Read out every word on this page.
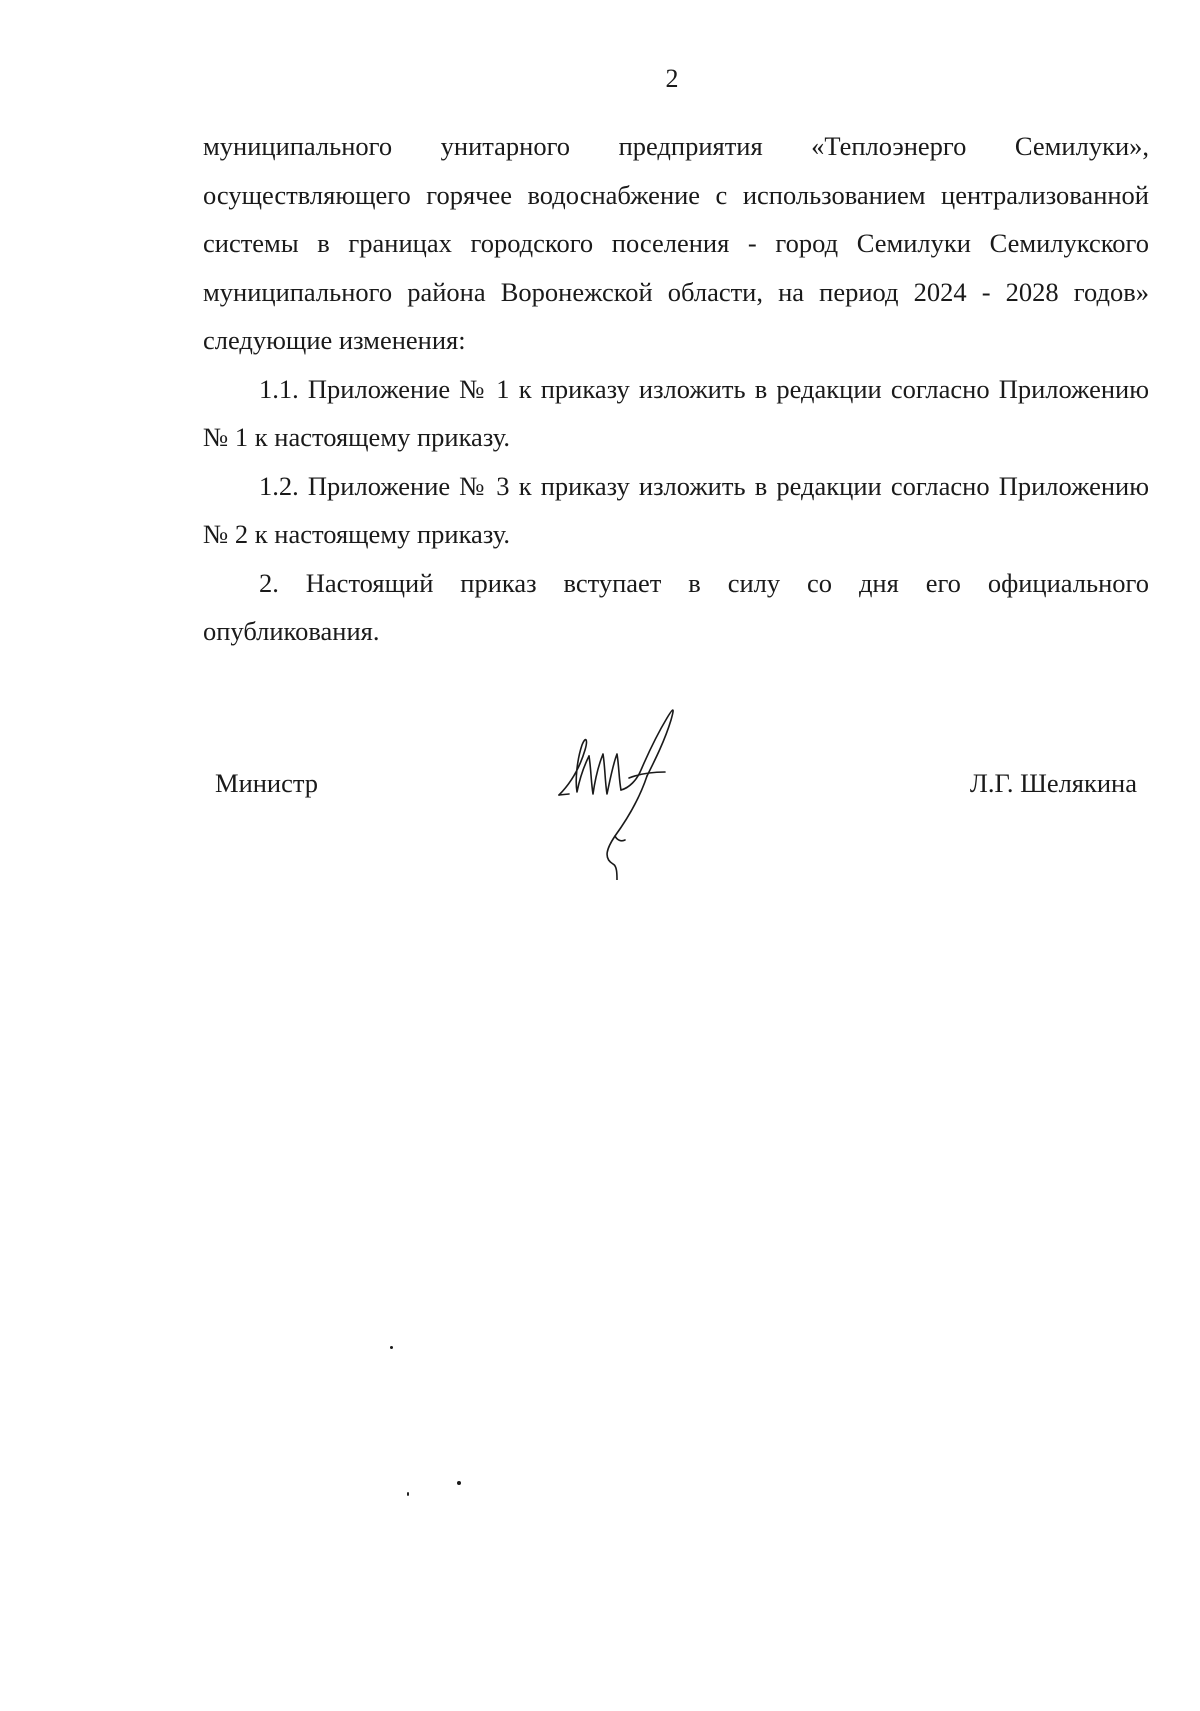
2

муниципального унитарного предприятия «Теплоэнерго Семилуки», осуществляющего горячее водоснабжение с использованием централизованной системы в границах городского поселения - город Семилуки Семилукского муниципального района Воронежской области, на период 2024 - 2028 годов» следующие изменения:

1.1. Приложение № 1 к приказу изложить в редакции согласно Приложению № 1 к настоящему приказу.

1.2. Приложение № 3 к приказу изложить в редакции согласно Приложению № 2 к настоящему приказу.

2. Настоящий приказ вступает в силу со дня его официального опубликования.

Министр	Л.Г. Шелякина
